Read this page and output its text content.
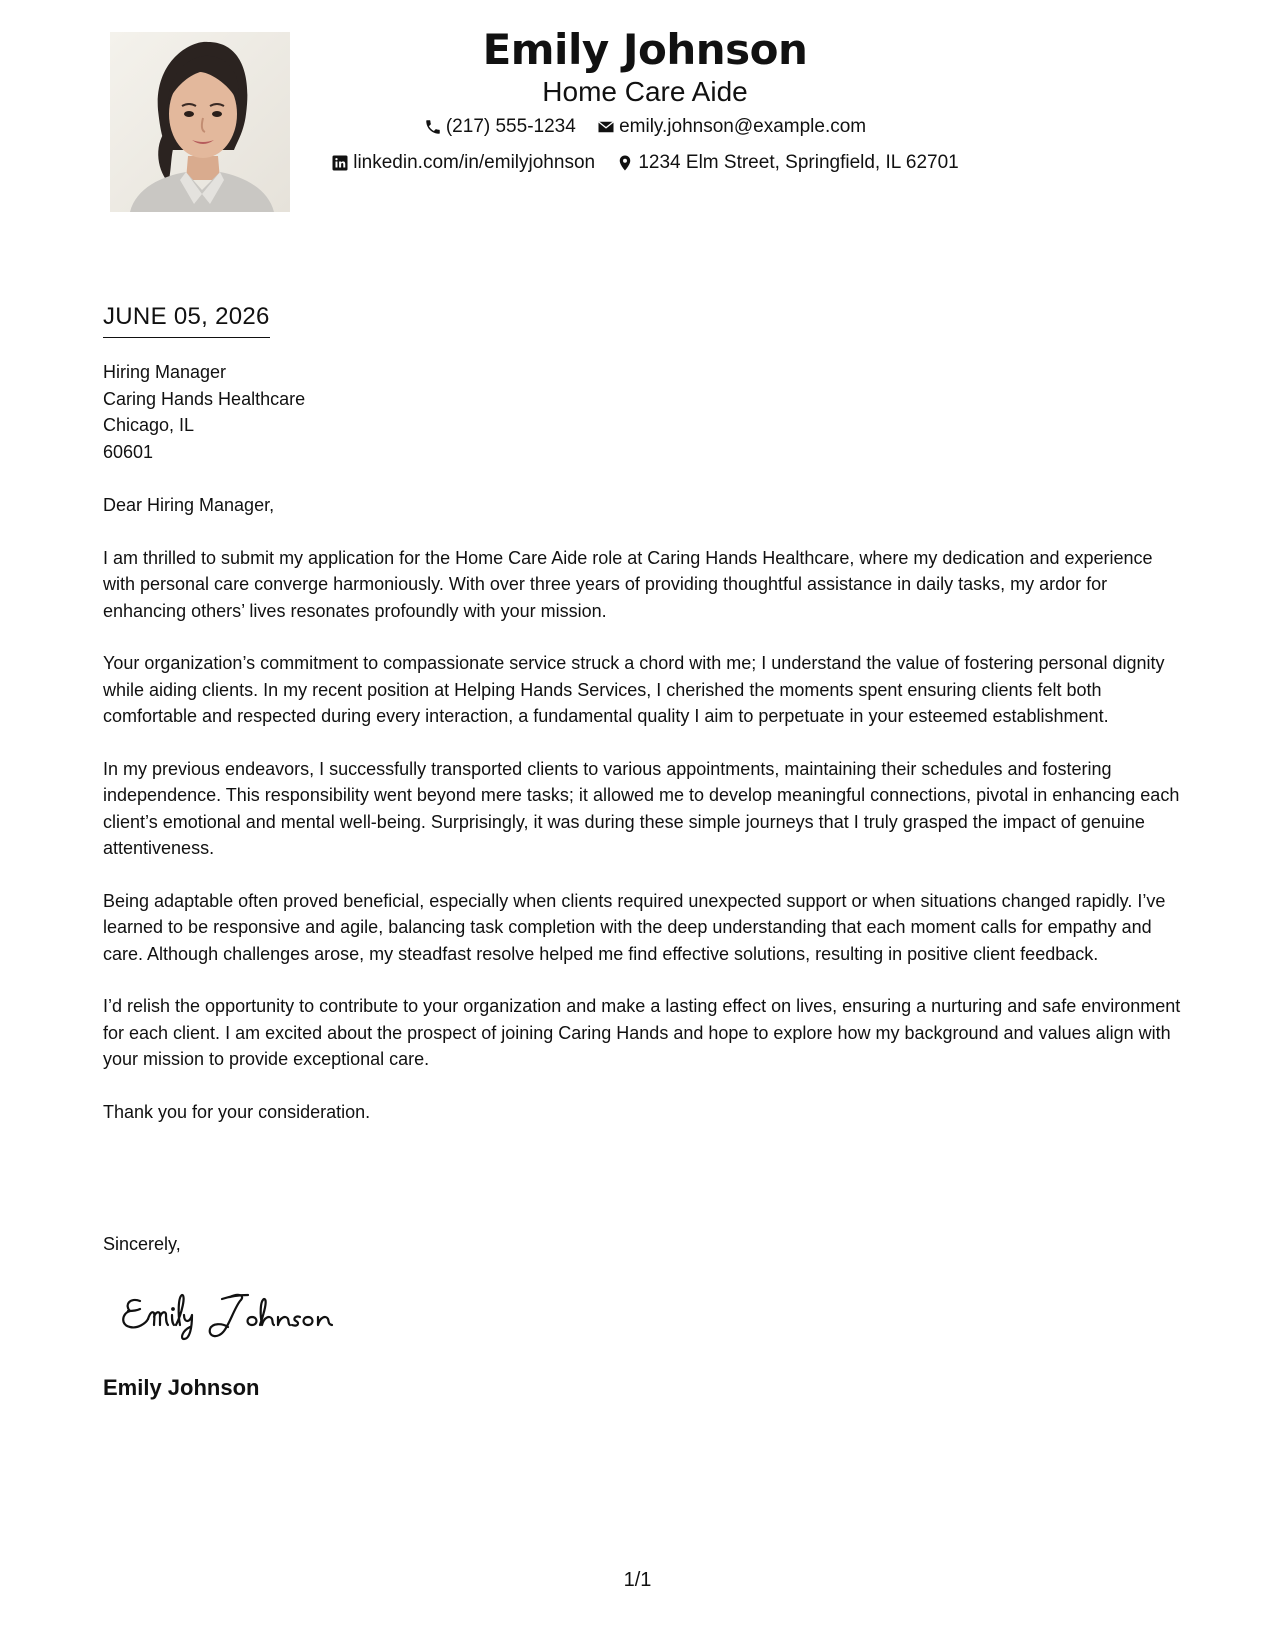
Emily Johnson
Home Care Aide
(217) 555-1234
emily.johnson@example.com
linkedin.com/in/emilyjohnson
1234 Elm Street, Springfield, IL 62701
JUNE 05, 2026
Hiring Manager
Caring Hands Healthcare
Chicago, IL
60601

Dear Hiring Manager,

I am thrilled to submit my application for the Home Care Aide role at Caring Hands Healthcare, where my dedication and experience with personal care converge harmoniously. With over three years of providing thoughtful assistance in daily tasks, my ardor for enhancing others’ lives resonates profoundly with your mission.

Your organization’s commitment to compassionate service struck a chord with me; I understand the value of fostering personal dignity while aiding clients. In my recent position at Helping Hands Services, I cherished the moments spent ensuring clients felt both comfortable and respected during every interaction, a fundamental quality I aim to perpetuate in your esteemed establishment.

In my previous endeavors, I successfully transported clients to various appointments, maintaining their schedules and fostering independence. This responsibility went beyond mere tasks; it allowed me to develop meaningful connections, pivotal in enhancing each client’s emotional and mental well-being. Surprisingly, it was during these simple journeys that I truly grasped the impact of genuine attentiveness.

Being adaptable often proved beneficial, especially when clients required unexpected support or when situations changed rapidly. I’ve learned to be responsive and agile, balancing task completion with the deep understanding that each moment calls for empathy and care. Although challenges arose, my steadfast resolve helped me find effective solutions, resulting in positive client feedback.

I’d relish the opportunity to contribute to your organization and make a lasting effect on lives, ensuring a nurturing and safe environment for each client. I am excited about the prospect of joining Caring Hands and hope to explore how my background and values align with your mission to provide exceptional care.

Thank you for your consideration.

Sincerely,
Emily Johnson
1/1
